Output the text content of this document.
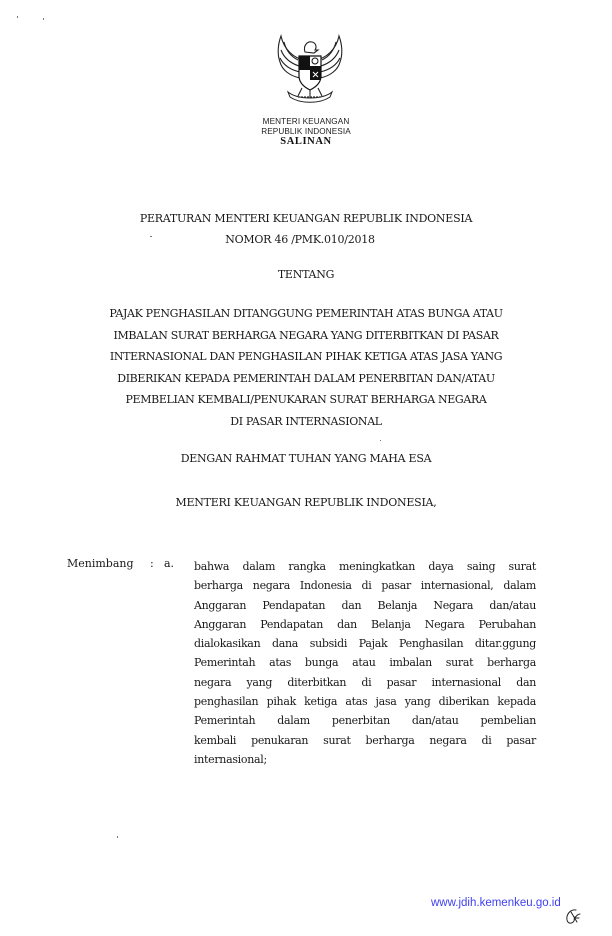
MENTERI KEUANGAN
REPUBLIK INDONESIA
SALINAN
PERATURAN MENTERI KEUANGAN REPUBLIK INDONESIA
NOMOR 46 /PMK.010/2018
TENTANG
PAJAK PENGHASILAN DITANGGUNG PEMERINTAH ATAS BUNGA ATAU
IMBALAN SURAT BERHARGA NEGARA YANG DITERBITKAN DI PASAR
INTERNASIONAL DAN PENGHASILAN PIHAK KETIGA ATAS JASA YANG
DIBERIKAN KEPADA PEMERINTAH DALAM PENERBITAN DAN/ATAU
PEMBELIAN KEMBALI/PENUKARAN SURAT BERHARGA NEGARA
DI PASAR INTERNASIONAL
DENGAN RAHMAT TUHAN YANG MAHA ESA
MENTERI KEUANGAN REPUBLIK INDONESIA,
Menimbang : a. bahwa dalam rangka meningkatkan daya saing surat
berharga negara Indonesia di pasar internasional, dalam
Anggaran Pendapatan dan Belanja Negara dan/atau
Anggaran Pendapatan dan Belanja Negara Perubahan
dialokasikan dana subsidi Pajak Penghasilan ditar.ggung
Pemerintah atas bunga atau imbalan surat berharga
negara yang diterbitkan di pasar internasional dan
penghasilan pihak ketiga atas jasa yang diberikan kepada
Pemerintah dalam penerbitan dan/atau pembelian
kembali penukaran surat berharga negara di pasar
internasional;
www.jdih.kemenkeu.go.id
